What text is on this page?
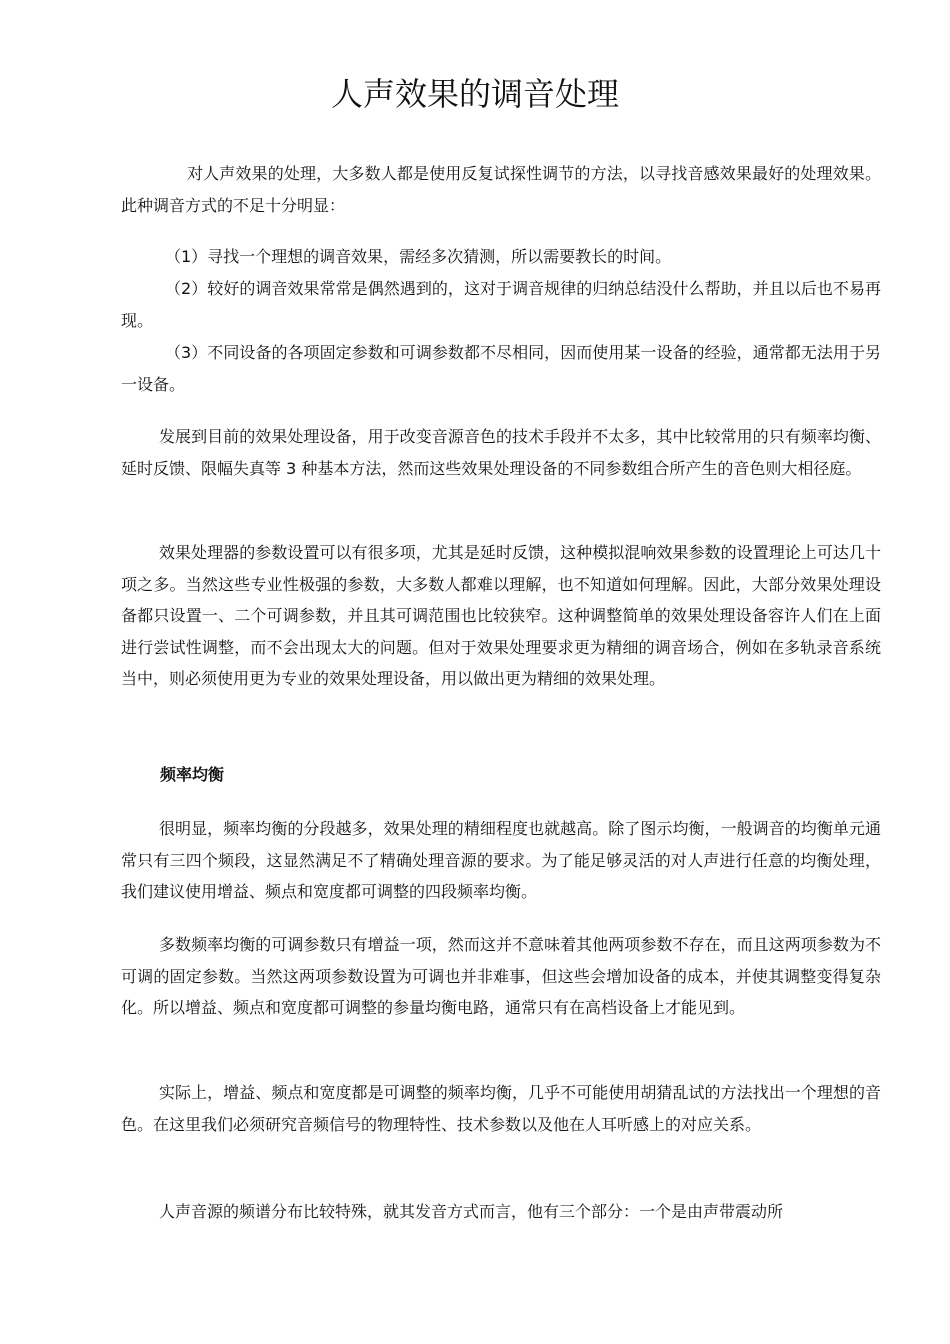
人声效果的调音处理

对人声效果的处理，大多数人都是使用反复试探性调节的方法，以寻找音感效果最好的处理效果。此种调音方式的不足十分明显：

（1）寻找一个理想的调音效果，需经多次猜测，所以需要教长的时间。

（2）较好的调音效果常常是偶然遇到的，这对于调音规律的归纳总结没什么帮助，并且以后也不易再现。

（3）不同设备的各项固定参数和可调参数都不尽相同，因而使用某一设备的经验，通常都无法用于另一设备。

发展到目前的效果处理设备，用于改变音源音色的技术手段并不太多，其中比较常用的只有频率均衡、延时反馈、限幅失真等 3 种基本方法，然而这些效果处理设备的不同参数组合所产生的音色则大相径庭。

效果处理器的参数设置可以有很多项，尤其是延时反馈，这种模拟混响效果参数的设置理论上可达几十项之多。当然这些专业性极强的参数，大多数人都难以理解，也不知道如何理解。因此，大部分效果处理设备都只设置一、二个可调参数，并且其可调范围也比较狭窄。这种调整简单的效果处理设备容许人们在上面进行尝试性调整，而不会出现太大的问题。但对于效果处理要求更为精细的调音场合，例如在多轨录音系统当中，则必须使用更为专业的效果处理设备，用以做出更为精细的效果处理。

频率均衡

很明显，频率均衡的分段越多，效果处理的精细程度也就越高。除了图示均衡，一般调音的均衡单元通常只有三四个频段，这显然满足不了精确处理音源的要求。为了能足够灵活的对人声进行任意的均衡处理，我们建议使用增益、频点和宽度都可调整的四段频率均衡。

多数频率均衡的可调参数只有增益一项，然而这并不意味着其他两项参数不存在，而且这两项参数为不可调的固定参数。当然这两项参数设置为可调也并非难事，但这些会增加设备的成本，并使其调整变得复杂化。所以增益、频点和宽度都可调整的参量均衡电路，通常只有在高档设备上才能见到。

实际上，增益、频点和宽度都是可调整的频率均衡，几乎不可能使用胡猜乱试的方法找出一个理想的音色。在这里我们必须研究音频信号的物理特性、技术参数以及他在人耳听感上的对应关系。

人声音源的频谱分布比较特殊，就其发音方式而言，他有三个部分：一个是由声带震动所
